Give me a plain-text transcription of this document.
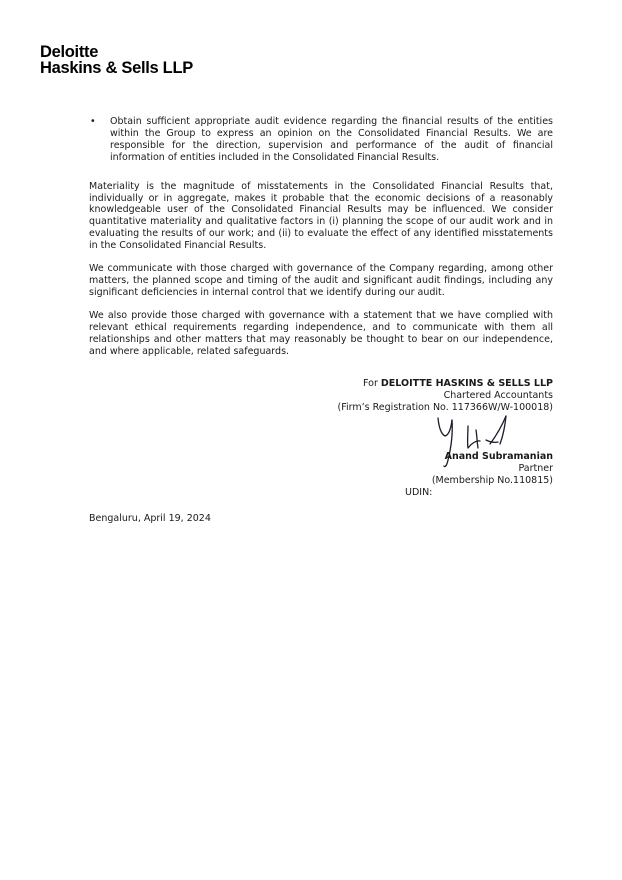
Deloitte
Haskins & Sells LLP
• Obtain sufficient appropriate audit evidence regarding the financial results of the entities within the Group to express an opinion on the Consolidated Financial Results. We are responsible for the direction, supervision and performance of the audit of financial information of entities included in the Consolidated Financial Results.
Materiality is the magnitude of misstatements in the Consolidated Financial Results that, individually or in aggregate, makes it probable that the economic decisions of a reasonably knowledgeable user of the Consolidated Financial Results may be influenced. We consider quantitative materiality and qualitative factors in (i) planning the scope of our audit work and in evaluating the results of our work; and (ii) to evaluate the effect of any identified misstatements in the Consolidated Financial Results.
We communicate with those charged with governance of the Company regarding, among other matters, the planned scope and timing of the audit and significant audit findings, including any significant deficiencies in internal control that we identify during our audit.
We also provide those charged with governance with a statement that we have complied with relevant ethical requirements regarding independence, and to communicate with them all relationships and other matters that may reasonably be thought to bear on our independence, and where applicable, related safeguards.
For DELOITTE HASKINS & SELLS LLP
Chartered Accountants
(Firm’s Registration No. 117366W/W-100018)
Anand Subramanian
Partner
(Membership No.110815)
UDIN:
Bengaluru, April 19, 2024
